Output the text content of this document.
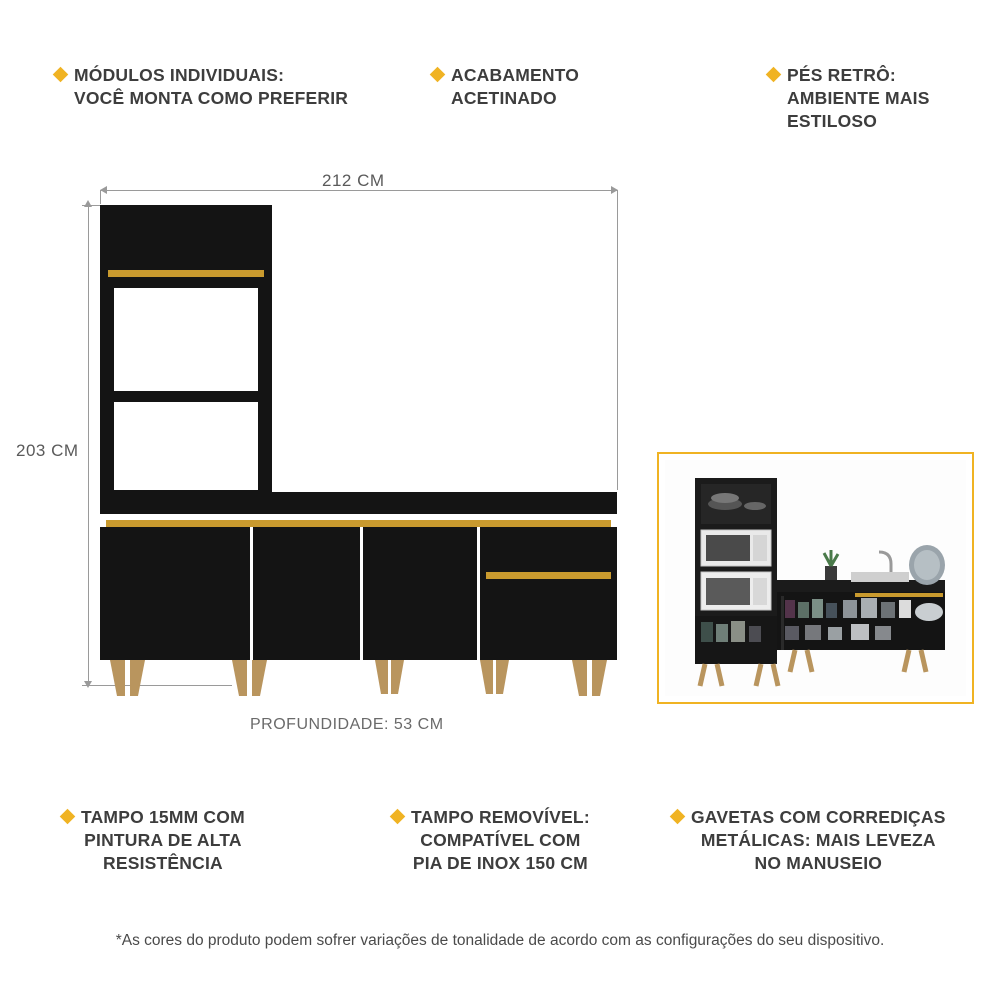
MÓDULOS INDIVIDUAIS:
VOCÊ MONTA COMO PREFERIR
ACABAMENTO
ACETINADO
PÉS RETRÔ:
AMBIENTE MAIS ESTILOSO
212 CM
203 CM
PROFUNDIDADE: 53 CM
TAMPO 15MM COM
PINTURA DE ALTA
RESISTÊNCIA
TAMPO REMOVÍVEL:
COMPATÍVEL COM
PIA DE INOX 150 CM
GAVETAS COM CORREDIÇAS
METÁLICAS: MAIS LEVEZA
NO MANUSEIO
*As cores do produto podem sofrer variações de tonalidade de acordo com as configurações do seu dispositivo.
